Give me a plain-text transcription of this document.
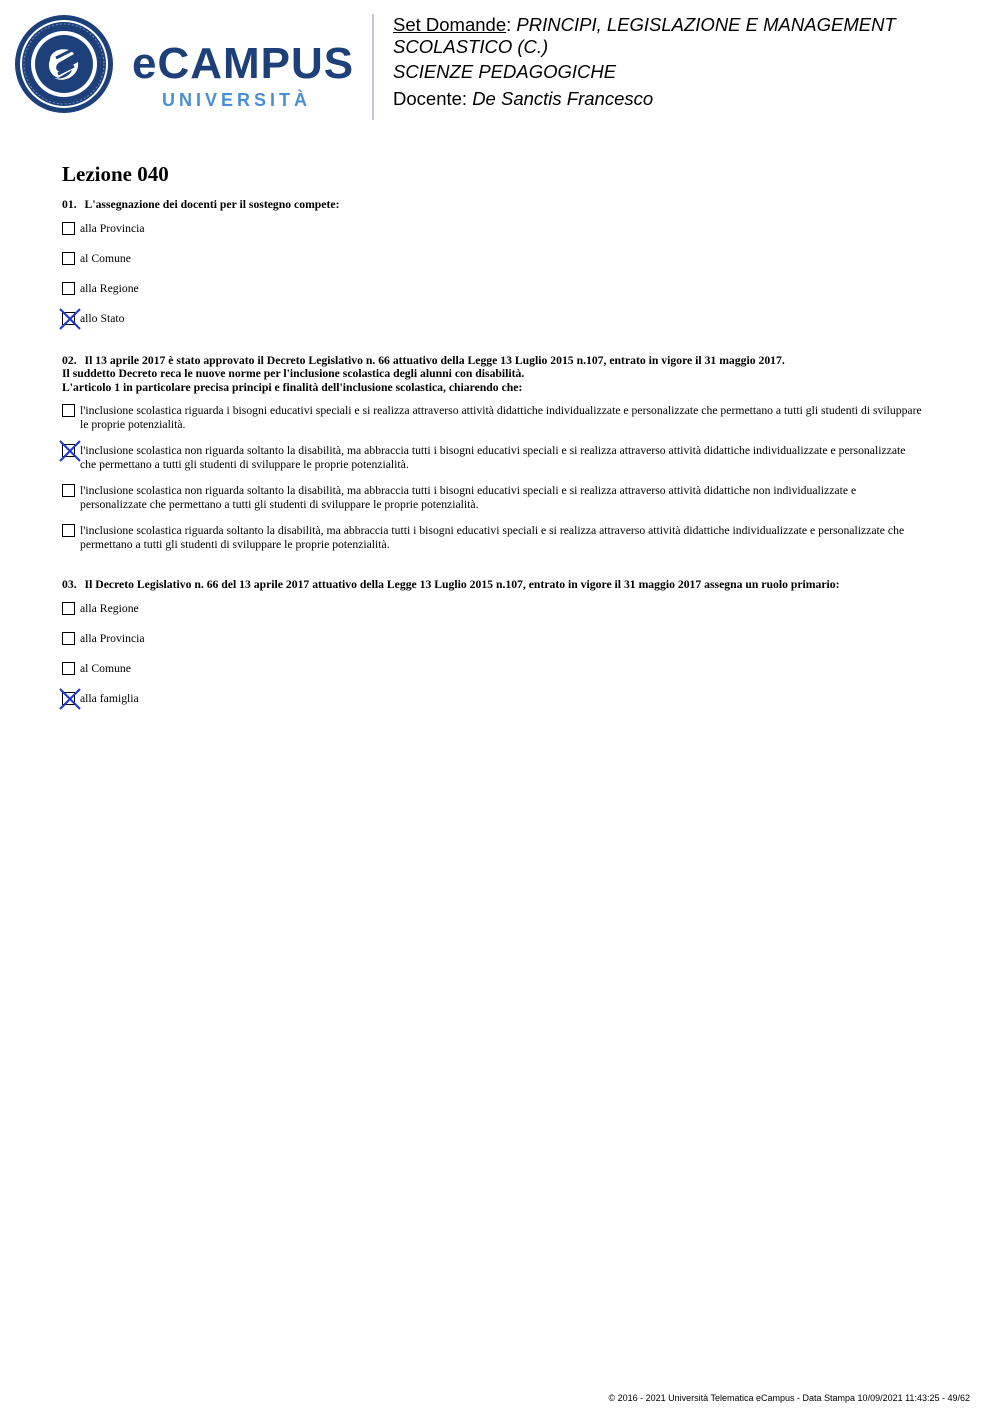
eCAMPUS
UNIVERSITÀ
Set Domande: PRINCIPI, LEGISLAZIONE E MANAGEMENT SCOLASTICO (C.)
SCIENZE PEDAGOGICHE
Docente: De Sanctis Francesco
Lezione 040
01. L'assegnazione dei docenti per il sostegno compete:
alla Provincia
al Comune
alla Regione
allo Stato
02. Il 13 aprile 2017 è stato approvato il Decreto Legislativo n. 66 attuativo della Legge 13 Luglio 2015 n.107, entrato in vigore il 31 maggio 2017.
Il suddetto Decreto reca le nuove norme per l'inclusione scolastica degli alunni con disabilità.
L'articolo 1 in particolare precisa principi e finalità dell'inclusione scolastica, chiarendo che:
l'inclusione scolastica riguarda i bisogni educativi speciali e si realizza attraverso attività didattiche individualizzate e personalizzate che permettano a tutti gli studenti di sviluppare le proprie potenzialità.
l'inclusione scolastica non riguarda soltanto la disabilità, ma abbraccia tutti i bisogni educativi speciali e si realizza attraverso attività didattiche individualizzate e personalizzate che permettano a tutti gli studenti di sviluppare le proprie potenzialità.
l'inclusione scolastica non riguarda soltanto la disabilità, ma abbraccia tutti i bisogni educativi speciali e si realizza attraverso attività didattiche non individualizzate e personalizzate che permettano a tutti gli studenti di sviluppare le proprie potenzialità.
l'inclusione scolastica riguarda soltanto la disabilità, ma abbraccia tutti i bisogni educativi speciali e si realizza attraverso attività didattiche individualizzate e personalizzate che permettano a tutti gli studenti di sviluppare le proprie potenzialità.
03. Il Decreto Legislativo n. 66 del 13 aprile 2017 attuativo della Legge 13 Luglio 2015 n.107, entrato in vigore il 31 maggio 2017 assegna un ruolo primario:
alla Regione
alla Provincia
al Comune
alla famiglia
© 2016 - 2021 Università Telematica eCampus - Data Stampa 10/09/2021 11:43:25 - 49/62
